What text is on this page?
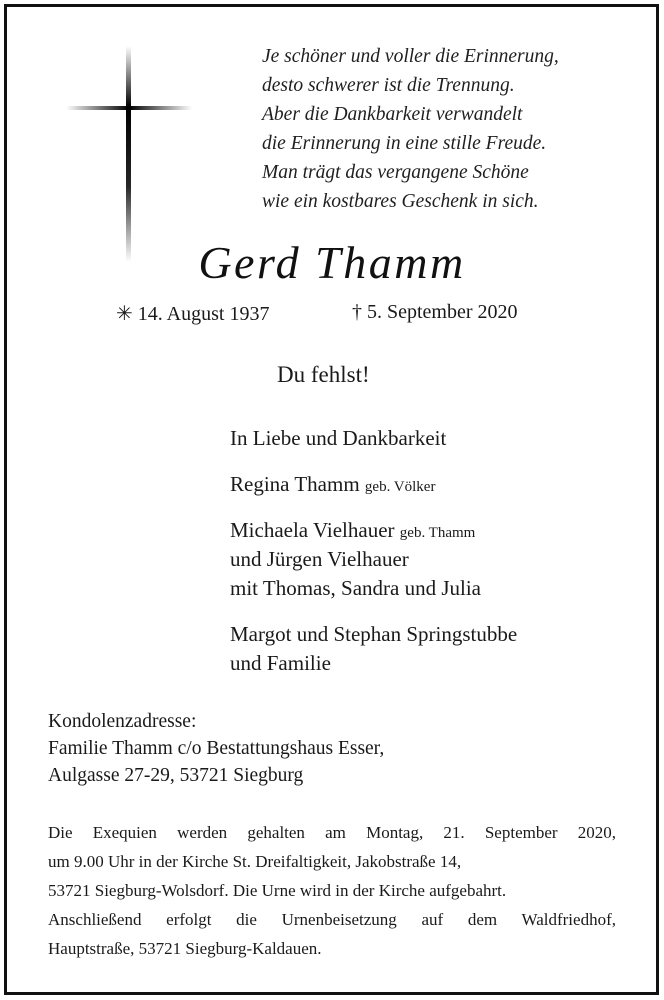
Je schöner und voller die Erinnerung,
desto schwerer ist die Trennung.
Aber die Dankbarkeit verwandelt
die Erinnerung in eine stille Freude.
Man trägt das vergangene Schöne
wie ein kostbares Geschenk in sich.
Gerd Thamm
✳ 14. August 1937	† 5. September 2020
Du fehlst!
In Liebe und Dankbarkeit
Regina Thamm geb. Völker
Michaela Vielhauer geb. Thamm
und Jürgen Vielhauer
mit Thomas, Sandra und Julia
Margot und Stephan Springstubbe
und Familie
Kondolenzadresse:
Familie Thamm c/o Bestattungshaus Esser,
Aulgasse 27-29, 53721 Siegburg
Die Exequien werden gehalten am Montag, 21. September 2020,
um 9.00 Uhr in der Kirche St. Dreifaltigkeit, Jakobstraße 14,
53721 Siegburg-Wolsdorf. Die Urne wird in der Kirche aufgebahrt.
Anschließend erfolgt die Urnenbeisetzung auf dem Waldfriedhof,
Hauptstraße, 53721 Siegburg-Kaldauen.
